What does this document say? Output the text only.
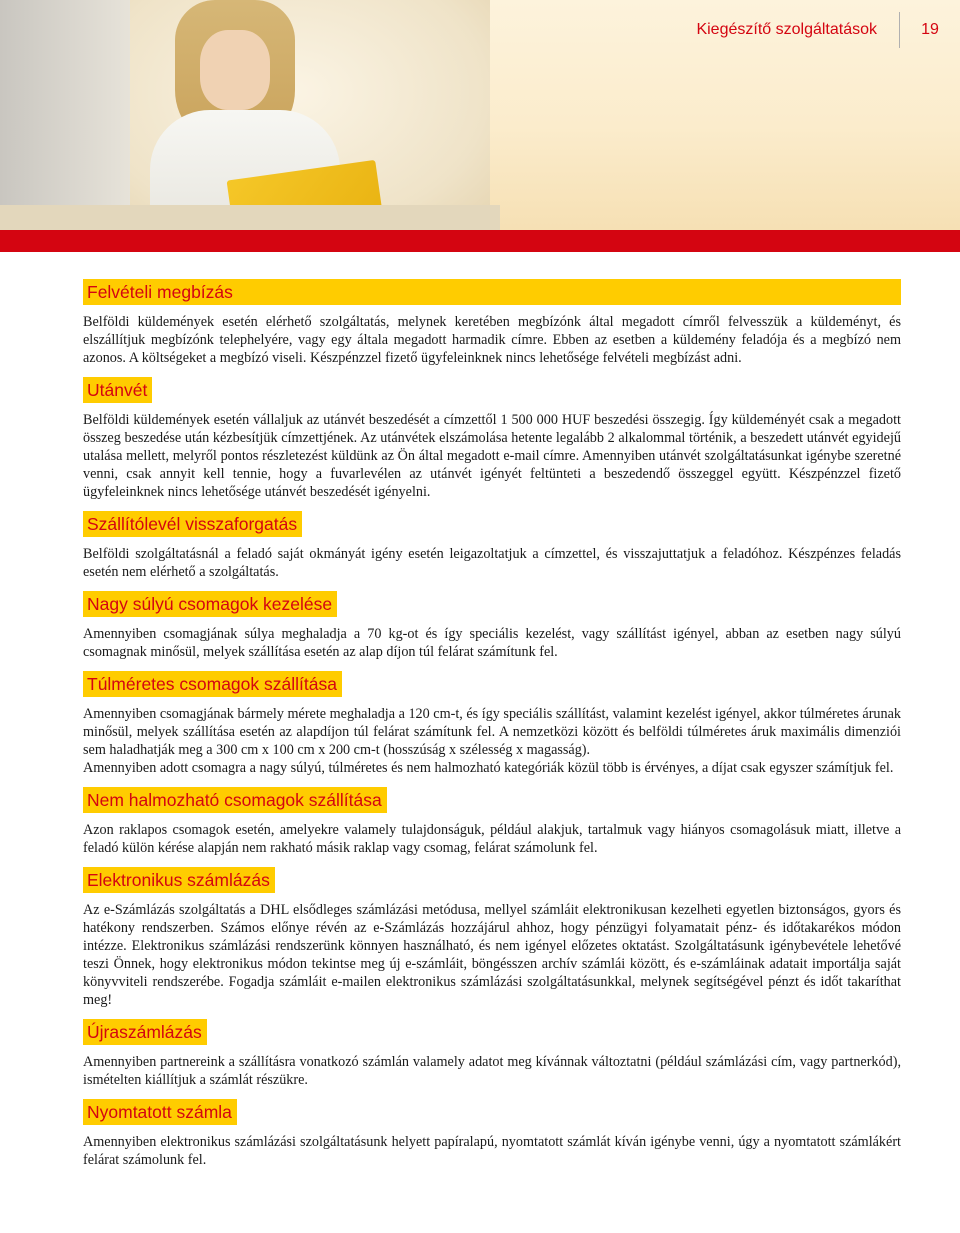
Kiegészítő szolgáltatások	19
Felvételi megbízás

Belföldi küldemények esetén elérhető szolgáltatás, melynek keretében megbízónk által megadott címről felvesszük a küldeményt, és elszállítjuk megbízónk telephelyére, vagy egy általa megadott harmadik címre. Ebben az esetben a küldemény feladója és a megbízó nem azonos. A költségeket a megbízó viseli. Készpénzzel fizető ügyfeleinknek nincs lehetősége felvételi megbízást adni.

Utánvét

Belföldi küldemények esetén vállaljuk az utánvét beszedését a címzettől 1 500 000 HUF beszedési összegig. Így küldeményét csak a megadott összeg beszedése után kézbesítjük címzettjének. Az utánvétek elszámolása hetente legalább 2 alkalommal történik, a beszedett utánvét egyidejű utalása mellett, melyről pontos részletezést küldünk az Ön által megadott e-mail címre. Amennyiben utánvét szolgáltatásunkat igénybe szeretné venni, csak annyit kell tennie, hogy a fuvarlevélen az utánvét igényét feltünteti a beszedendő összeggel együtt. Készpénzzel fizető ügyfeleinknek nincs lehetősége utánvét beszedését igényelni.

Szállítólevél visszaforgatás

Belföldi szolgáltatásnál a feladó saját okmányát igény esetén leigazoltatjuk a címzettel, és visszajuttatjuk a feladóhoz. Készpénzes feladás esetén nem elérhető a szolgáltatás.

Nagy súlyú csomagok kezelése

Amennyiben csomagjának súlya meghaladja a 70 kg-ot és így speciális kezelést, vagy szállítást igényel, abban az esetben nagy súlyú csomagnak minősül, melyek szállítása esetén az alap díjon túl felárat számítunk fel.

Túlméretes csomagok szállítása

Amennyiben csomagjának bármely mérete meghaladja a 120 cm-t, és így speciális szállítást, valamint kezelést igényel, akkor túlméretes árunak minősül, melyek szállítása esetén az alapdíjon túl felárat számítunk fel. A nemzetközi között és belföldi túlméretes áruk maximális dimenziói sem haladhatják meg a 300 cm x 100 cm x 200 cm-t (hosszúság x szélesség x magasság).

Amennyiben adott csomagra a nagy súlyú, túlméretes és nem halmozható kategóriák közül több is érvényes, a díjat csak egyszer számítjuk fel.

Nem halmozható csomagok szállítása

Azon raklapos csomagok esetén, amelyekre valamely tulajdonságuk, például alakjuk, tartalmuk vagy hiányos csomagolásuk miatt, illetve a feladó külön kérése alapján nem rakható másik raklap vagy csomag, felárat számolunk fel.

Elektronikus számlázás

Az e-Számlázás szolgáltatás a DHL elsődleges számlázási metódusa, mellyel számláit elektronikusan kezelheti egyetlen biztonságos, gyors és hatékony rendszerben. Számos előnye révén az e-Számlázás hozzájárul ahhoz, hogy pénzügyi folyamatait pénz- és időtakarékos módon intézze. Elektronikus számlázási rendszerünk könnyen használható, és nem igényel előzetes oktatást. Szolgáltatásunk igénybevétele lehetővé teszi Önnek, hogy elektronikus módon tekintse meg új e-számláit, böngésszen archív számlái között, és e-számláinak adatait importálja saját könyvviteli rendszerébe. Fogadja számláit e-mailen elektronikus számlázási szolgáltatásunkkal, melynek segítségével pénzt és időt takaríthat meg!

Újraszámlázás

Amennyiben partnereink a szállításra vonatkozó számlán valamely adatot meg kívánnak változtatni (például számlázási cím, vagy partnerkód), ismételten kiállítjuk a számlát részükre.

Nyomtatott számla

Amennyiben elektronikus számlázási szolgáltatásunk helyett papíralapú, nyomtatott számlát kíván igénybe venni, úgy a nyomtatott számlákért felárat számolunk fel.
